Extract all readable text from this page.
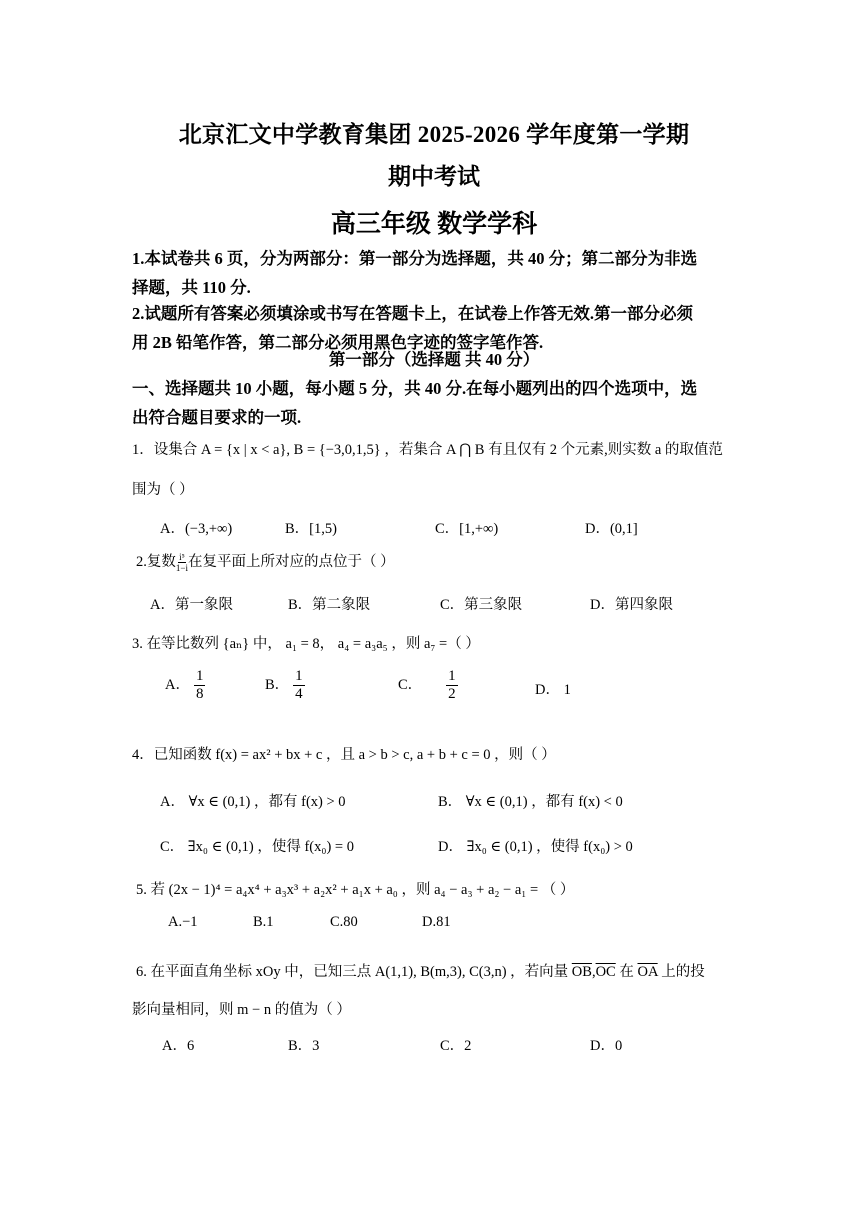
北京汇文中学教育集团 2025-2026 学年度第一学期
期中考试
高三年级 数学学科
1.本试卷共 6 页，分为两部分：第一部分为选择题，共 40 分；第二部分为非选
择题，共 110 分.
2.试题所有答案必须填涂或书写在答题卡上，在试卷上作答无效.第一部分必须
用 2B 铅笔作答，第二部分必须用黑色字迹的签字笔作答.
第一部分（选择题 共 40 分）
一、选择题共 10 小题，每小题 5 分，共 40 分.在每小题列出的四个选项中，选
出符合题目要求的一项.
1．设集合 A = {x | x < a}, B = {−3,0,1,5} ，若集合 A ⋂ B 有且仅有 2 个元素,则实数 a 的取值范
围为（ ）
A．(−3,+∞)	B．[1,5)	C．[1,+∞)	D．(0,1]
2.复数 $\frac{\text{i⁵}}{1-i}$ 在复平面上所对应的点位于（ ）
A．第一象限	B．第二象限	C．第三象限	D．第四象限
3. 在等比数列 {aₙ} 中， a₁ = 8， a₄ = a₃a₅ ，则 a₇ =（ ）
A． $\frac{1}{8}$	B． $\frac{1}{4}$	C． $\frac{1}{2}$	D． 1
4．已知函数 f(x) = ax² + bx + c ，且 a > b > c, a + b + c = 0 ，则（ ）
A． ∀x ∈ (0,1) ，都有 f(x) > 0	B． ∀x ∈ (0,1) ，都有 f(x) < 0
C． ∃x₀ ∈ (0,1) ，使得 f(x₀) = 0	D． ∃x₀ ∈ (0,1) ，使得 f(x₀) > 0
5. 若 (2x − 1)⁴ = a₄x⁴ + a₃x³ + a₂x² + a₁x + a₀ ，则 a₄ − a₃ + a₂ − a₁ = （ ）
A.−1	B.1	C.80	D.81
6. 在平面直角坐标 xOy 中，已知三点 A(1,1), B(m,3), C(3,n) ，若向量 $\overline{OB},\overline{OC}$ 在 $\overline{OA}$ 上的投
影向量相同，则 m − n 的值为（ ）
A．6	B．3	C．2	D．0
